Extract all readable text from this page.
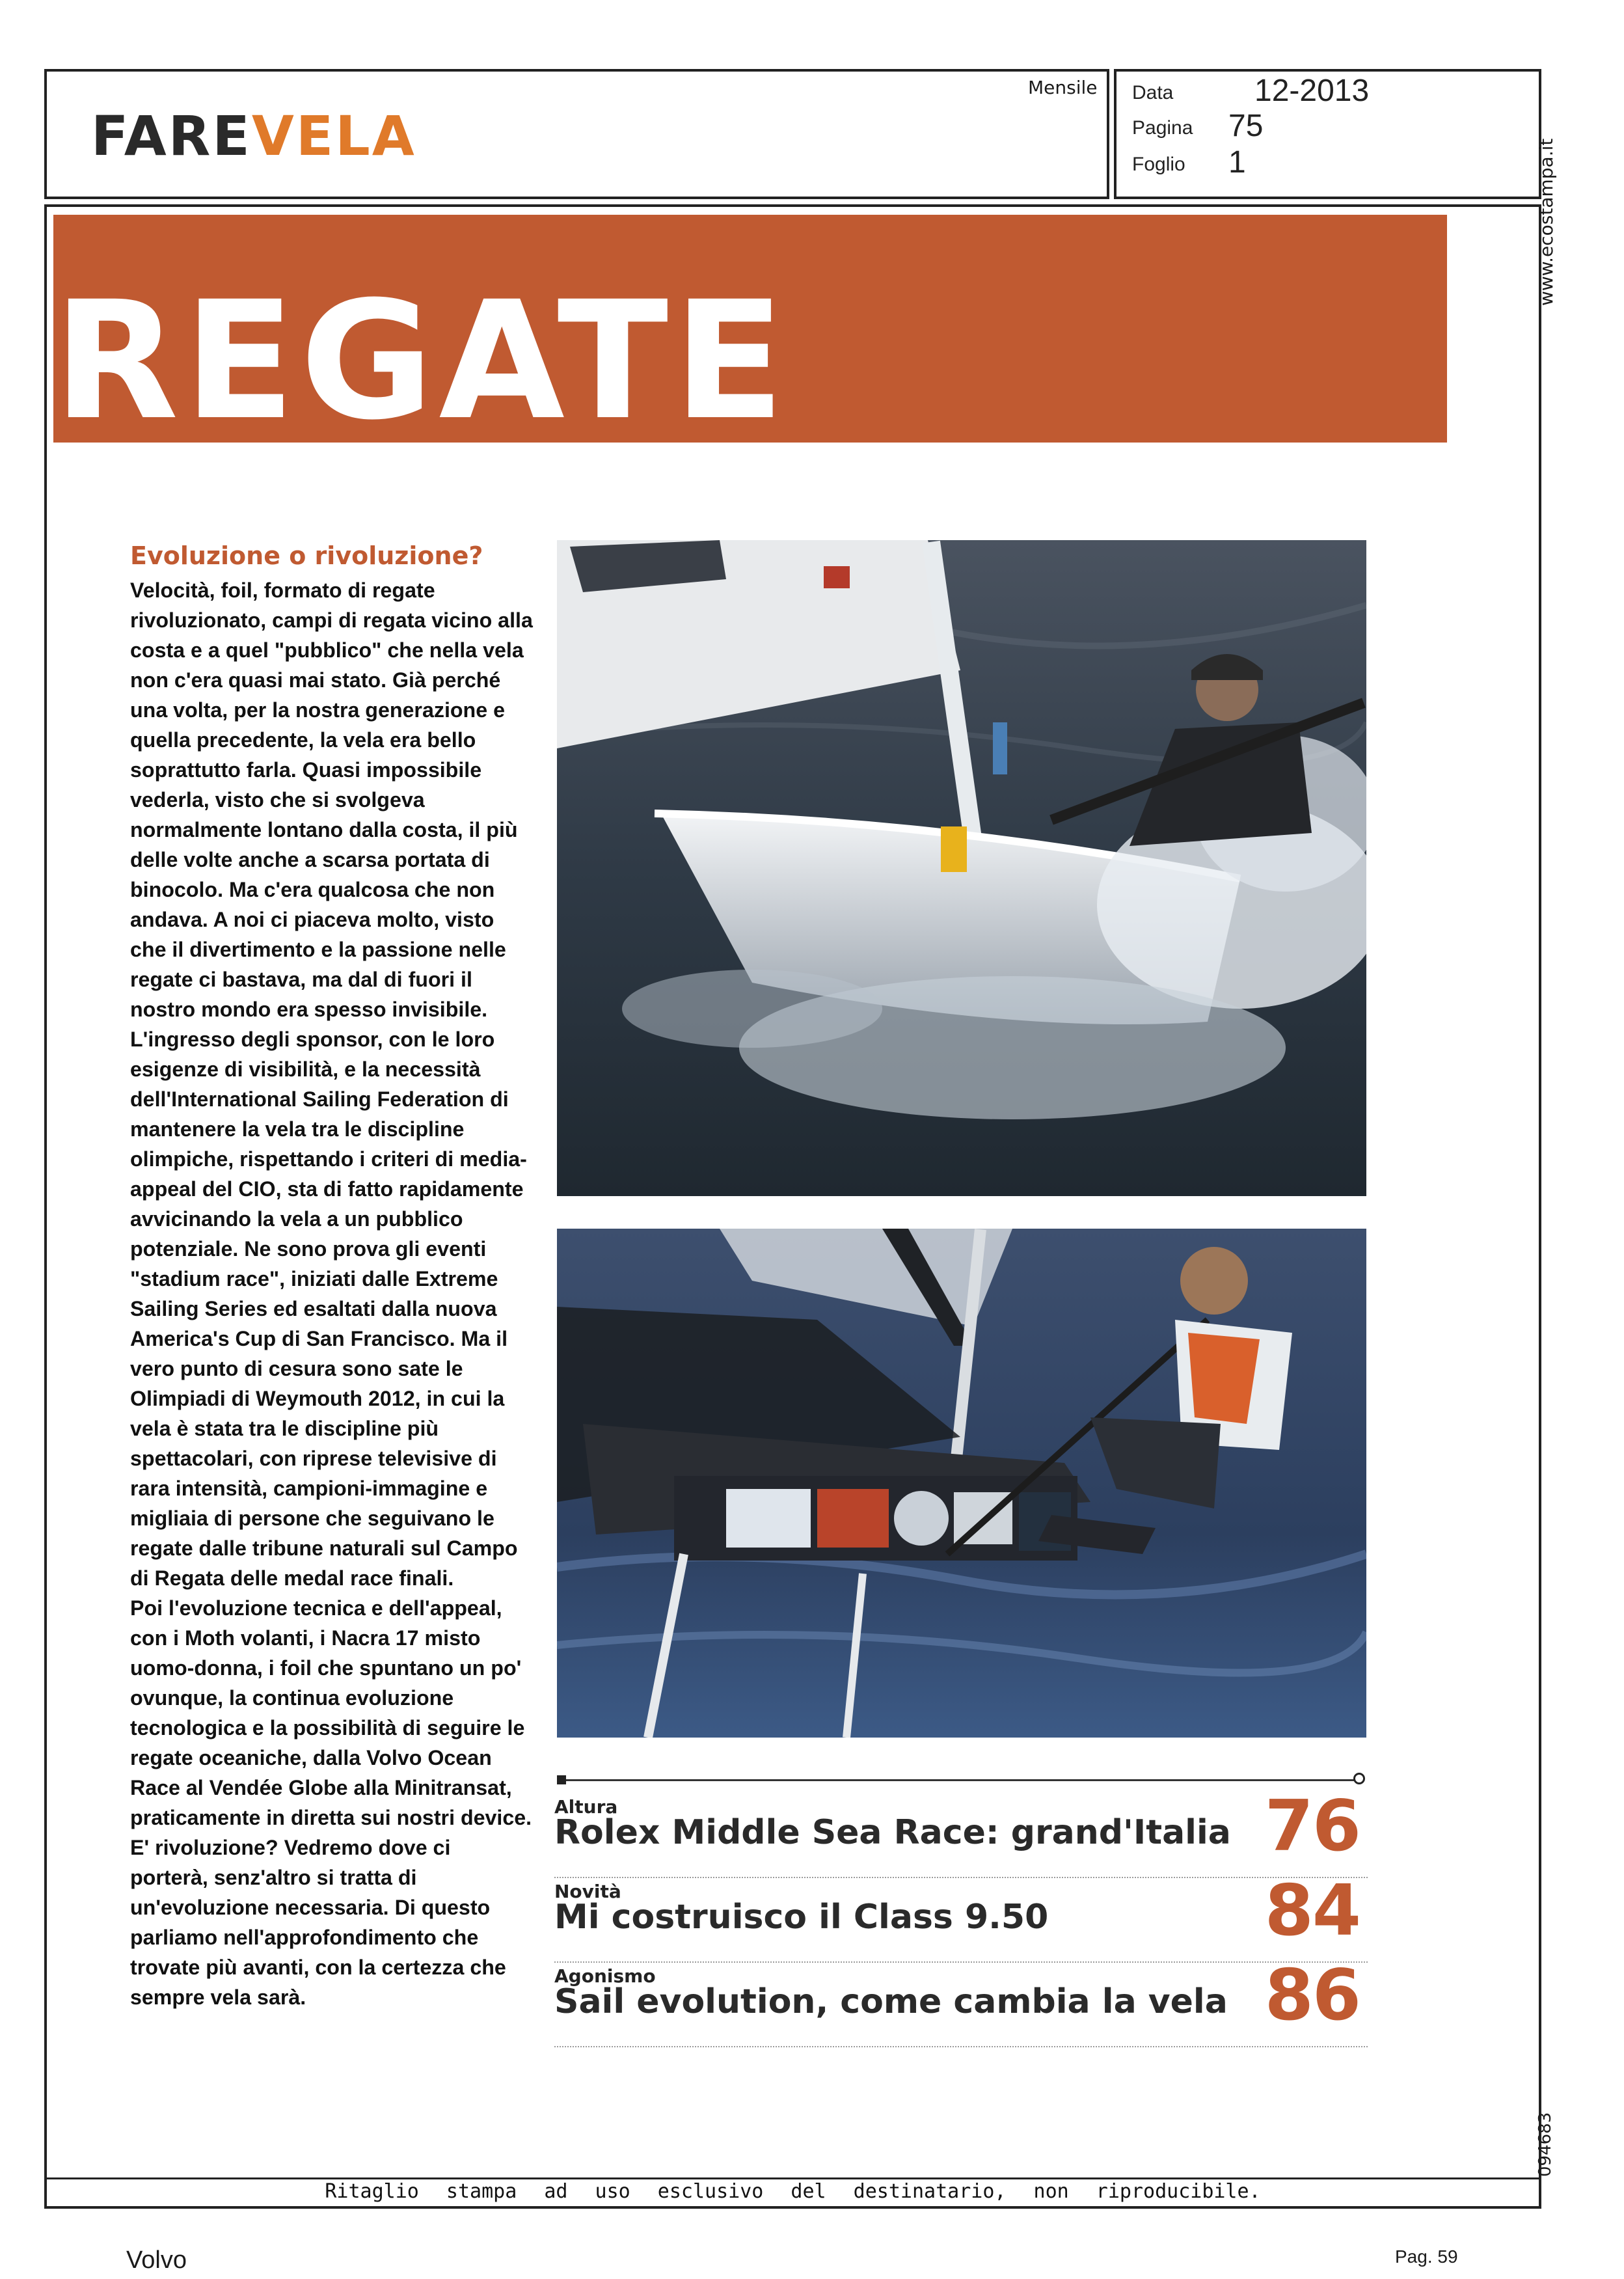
FAREVELA
Mensile Data	12-2013
Pagina 75
Foglio 1	www.ecostampa.it
094683
REGATE
Evoluzione o rivoluzione?

Velocità, foil, formato di regate rivoluzionato, campi di regata vicino alla costa e a quel "pubblico" che nella vela non c'era quasi mai stato. Già perché una volta, per la nostra generazione e quella precedente, la vela era bello soprattutto farla. Quasi impossibile vederla, visto che si svolgeva normalmente lontano dalla costa, il più delle volte anche a scarsa portata di binocolo. Ma c'era qualcosa che non andava. A noi ci piaceva molto, visto che il divertimento e la passione nelle regate ci bastava, ma dal di fuori il nostro mondo era spesso invisibile.

L'ingresso degli sponsor, con le loro esigenze di visibilità, e la necessità dell'International Sailing Federation di mantenere la vela tra le discipline olimpiche, rispettando i criteri di media-appeal del CIO, sta di fatto rapidamente avvicinando la vela a un pubblico potenziale. Ne sono prova gli eventi "stadium race", iniziati dalle Extreme Sailing Series ed esaltati dalla nuova America's Cup di San Francisco. Ma il vero punto di cesura sono sate le Olimpiadi di Weymouth 2012, in cui la vela è stata tra le discipline più spettacolari, con riprese televisive di rara intensità, campioni-immagine e migliaia di persone che seguivano le regate dalle tribune naturali sul Campo di Regata delle medal race finali.

Poi l'evoluzione tecnica e dell'appeal, con i Moth volanti, i Nacra 17 misto uomo-donna, i foil che spuntano un po' ovunque, la continua evoluzione tecnologica e la possibilità di seguire le regate oceaniche, dalla Volvo Ocean Race al Vendée Globe alla Minitransat, praticamente in diretta sui nostri device. E' rivoluzione? Vedremo dove ci porterà, senz'altro si tratta di un'evoluzione necessaria. Di questo parliamo nell'approfondimento che trovate più avanti, con la certezza che sempre vela sarà.

Altura
Rolex Middle Sea Race: grand'Italia 76
Novità
Mi costruisco il Class 9.50	84
Agonismo
Sail evolution, come cambia la vela 86
Ritaglio stampa ad uso esclusivo del destinatario, non riproducibile.
Volvo	Pag. 59
